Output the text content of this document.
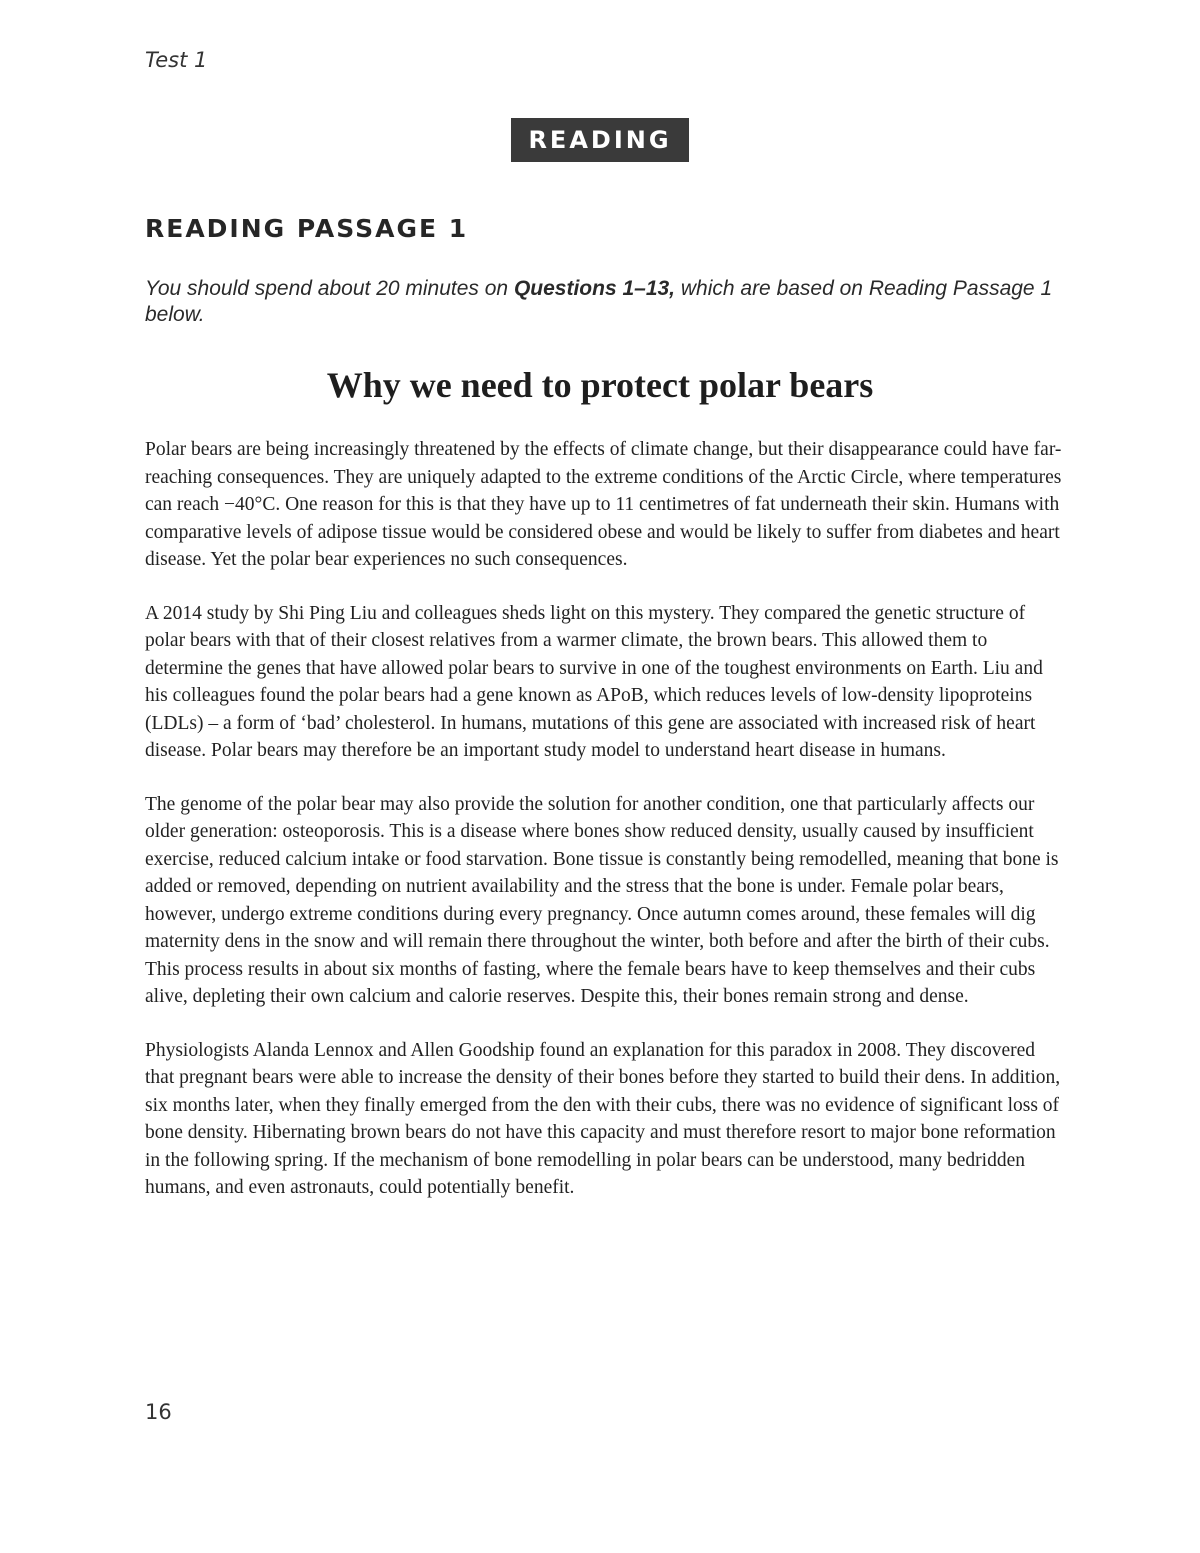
Test 1
READING
READING PASSAGE 1
You should spend about 20 minutes on Questions 1–13, which are based on Reading Passage 1 below.
Why we need to protect polar bears

Polar bears are being increasingly threatened by the effects of climate change, but their disappearance could have far-reaching consequences. They are uniquely adapted to the extreme conditions of the Arctic Circle, where temperatures can reach −40°C. One reason for this is that they have up to 11 centimetres of fat underneath their skin. Humans with comparative levels of adipose tissue would be considered obese and would be likely to suffer from diabetes and heart disease. Yet the polar bear experiences no such consequences.

A 2014 study by Shi Ping Liu and colleagues sheds light on this mystery. They compared the genetic structure of polar bears with that of their closest relatives from a warmer climate, the brown bears. This allowed them to determine the genes that have allowed polar bears to survive in one of the toughest environments on Earth. Liu and his colleagues found the polar bears had a gene known as APoB, which reduces levels of low-density lipoproteins (LDLs) – a form of ‘bad’ cholesterol. In humans, mutations of this gene are associated with increased risk of heart disease. Polar bears may therefore be an important study model to understand heart disease in humans.

The genome of the polar bear may also provide the solution for another condition, one that particularly affects our older generation: osteoporosis. This is a disease where bones show reduced density, usually caused by insufficient exercise, reduced calcium intake or food starvation. Bone tissue is constantly being remodelled, meaning that bone is added or removed, depending on nutrient availability and the stress that the bone is under. Female polar bears, however, undergo extreme conditions during every pregnancy. Once autumn comes around, these females will dig maternity dens in the snow and will remain there throughout the winter, both before and after the birth of their cubs. This process results in about six months of fasting, where the female bears have to keep themselves and their cubs alive, depleting their own calcium and calorie reserves. Despite this, their bones remain strong and dense.

Physiologists Alanda Lennox and Allen Goodship found an explanation for this paradox in 2008. They discovered that pregnant bears were able to increase the density of their bones before they started to build their dens. In addition, six months later, when they finally emerged from the den with their cubs, there was no evidence of significant loss of bone density. Hibernating brown bears do not have this capacity and must therefore resort to major bone reformation in the following spring. If the mechanism of bone remodelling in polar bears can be understood, many bedridden humans, and even astronauts, could potentially benefit.

16
